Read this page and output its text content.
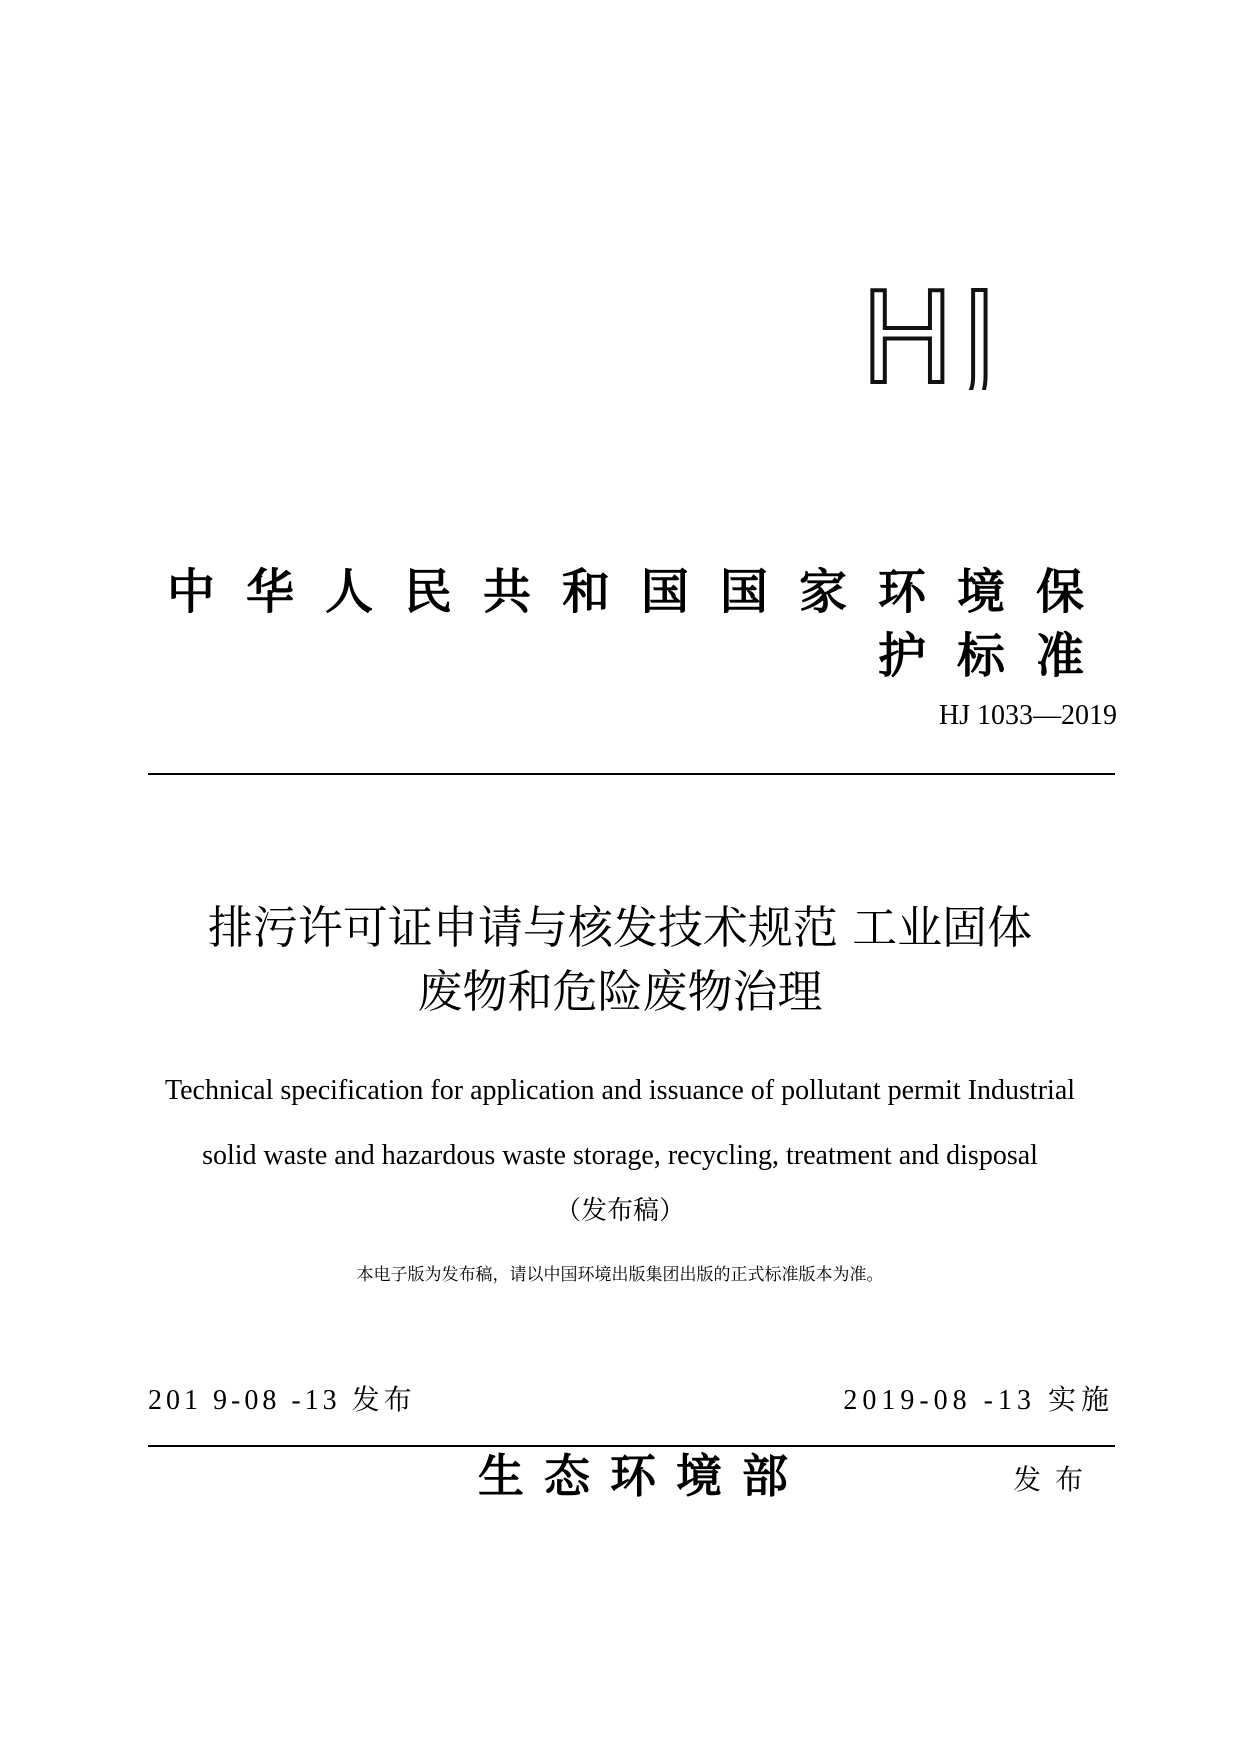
HJ
中华人民共和国国家环境保护标准
HJ 1033—2019
排污许可证申请与核发技术规范 工业固体
废物和危险废物治理
Technical specification for application and issuance of pollutant permit Industrial
solid waste and hazardous waste storage, recycling, treatment and disposal
（发布稿）
本电子版为发布稿，请以中国环境出版集团出版的正式标准版本为准。
201 9-08 -13 发布	2019-08 -13 实施
生态环境部	发布
